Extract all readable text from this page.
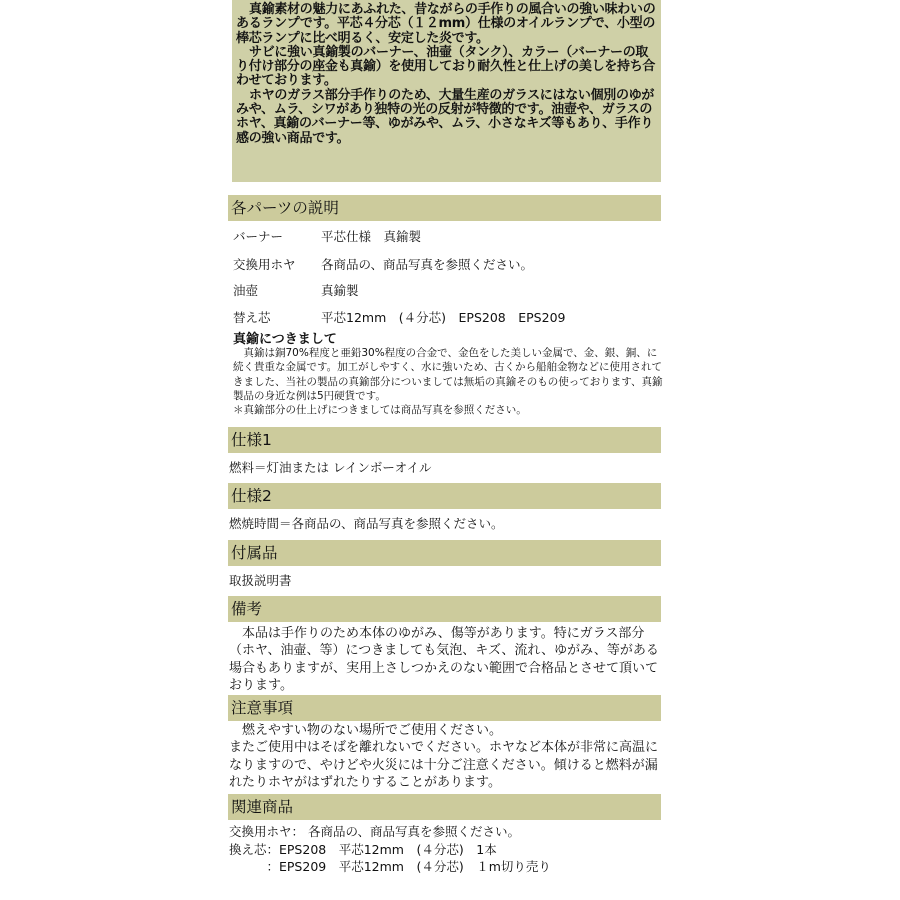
真鍮素材の魅力にあふれた、昔ながらの手作りの風合いの強い味わいのあるランプです。平芯４分芯（１２mm）仕様のオイルランプで、小型の棒芯ランプに比べ明るく、安定した炎です。

サビに強い真鍮製のバーナー、油壷（タンク）、カラー（バーナーの取り付け部分の座金も真鍮）を使用しており耐久性と仕上げの美しを持ち合わせております。

ホヤのガラス部分手作りのため、大量生産のガラスにはない個別のゆがみや、ムラ、シワがあり独特の光の反射が特徴的です。油壺や、ガラスのホヤ、真鍮のバーナー等、ゆがみや、ムラ、小さなキズ等もあり、手作り感の強い商品です。

各パーツの説明
バーナー	平芯仕様　真鍮製
交換用ホヤ 各商品の、商品写真を参照ください。
油壺	真鍮製
替え芯	平芯12mm　(４分芯)　EPS208　EPS209
真鍮につきまして

真鍮は銅70%程度と亜鉛30%程度の合金で、金色をした美しい金属で、金、銀、銅、に続く貴重な金属です。加工がしやすく、水に強いため、古くから船舶金物などに使用されてきました、当社の製品の真鍮部分についましては無垢の真鍮そのもの使っております、真鍮製品の身近な例は5円硬貨です。

＊真鍮部分の仕上げにつきましては商品写真を参照ください。

仕様1
燃料＝灯油または レインボーオイル
仕様2
燃焼時間＝各商品の、商品写真を参照ください。
付属品
取扱説明書
備考

本品は手作りのため本体のゆがみ、傷等があります。特にガラス部分（ホヤ、油壷、等）につきましても気泡、キズ、流れ、ゆがみ、等がある場合もありますが、実用上さしつかえのない範囲で合格品とさせて頂いております。

注意事項

燃えやすい物のない場所でご使用ください。

またご使用中はそばを離れないでください。ホヤなど本体が非常に高温になりますので、やけどや火災には十分ご注意ください。傾けると燃料が漏れたりホヤがはずれたりすることがあります。

関連商品
交換用ホヤ： 各商品の、商品写真を参照ください。
換え芯：EPS208　平芯12mm　(４分芯)　1本
　　　：EPS209　平芯12mm　(４分芯)　１m切り売り
